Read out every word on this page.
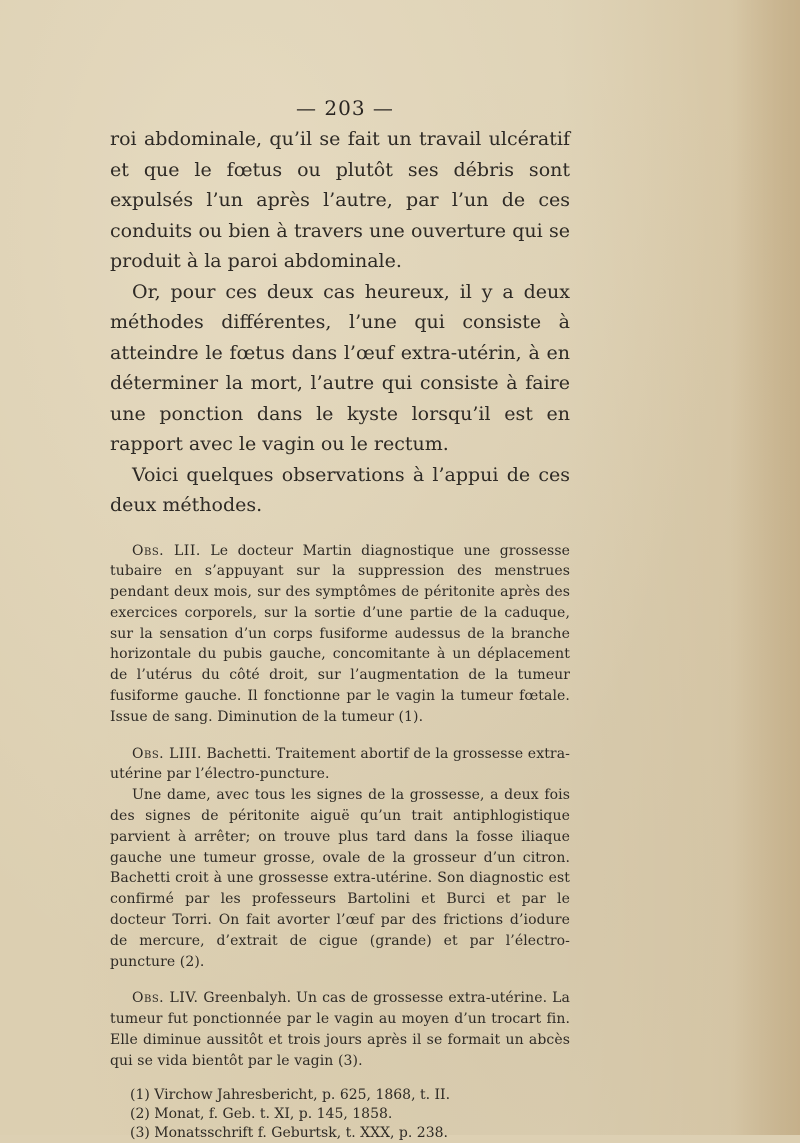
— 203 —

roi abdominale, qu’il se fait un travail ulcératif et que le fœtus ou plutôt ses débris sont expulsés l’un après l’autre, par l’un de ces conduits ou bien à travers une ouverture qui se produit à la paroi abdominale.

Or, pour ces deux cas heureux, il y a deux méthodes différentes, l’une qui consiste à atteindre le fœtus dans l’œuf extra-utérin, à en déterminer la mort, l’autre qui consiste à faire une ponction dans le kyste lorsqu’il est en rapport avec le vagin ou le rectum.

Voici quelques observations à l’appui de ces deux méthodes.

Obs. LII. Le docteur Martin diagnostique une grossesse tubaire en s’appuyant sur la suppression des menstrues pendant deux mois, sur des symptômes de péritonite après des exercices corporels, sur la sortie d’une partie de la caduque, sur la sensation d’un corps fusiforme audessus de la branche horizontale du pubis gauche, concomitante à un déplacement de l’utérus du côté droit, sur l’augmentation de la tumeur fusiforme gauche. Il fonctionne par le vagin la tumeur fœtale. Issue de sang. Diminution de la tumeur (1).

Obs. LIII. Bachetti. Traitement abortif de la grossesse extra-utérine par l’électro-puncture.

Une dame, avec tous les signes de la grossesse, a deux fois des signes de péritonite aiguë qu’un trait antiphlogistique parvient à arrêter; on trouve plus tard dans la fosse iliaque gauche une tumeur grosse, ovale de la grosseur d’un citron. Bachetti croit à une grossesse extra-utérine. Son diagnostic est confirmé par les professeurs Bartolini et Burci et par le docteur Torri. On fait avorter l’œuf par des frictions d’iodure de mercure, d’extrait de cigue (grande) et par l’électro-puncture (2).

Obs. LIV. Greenbalyh. Un cas de grossesse extra-utérine. La tumeur fut ponctionnée par le vagin au moyen d’un trocart fin. Elle diminue aussitôt et trois jours après il se formait un abcès qui se vida bientôt par le vagin (3).

(1) Virchow Jahresbericht, p. 625, 1868, t. II.

(2) Monat, f. Geb. t. XI, p. 145, 1858.

(3) Monatsschrift f. Geburtsk, t. XXX, p. 238.
